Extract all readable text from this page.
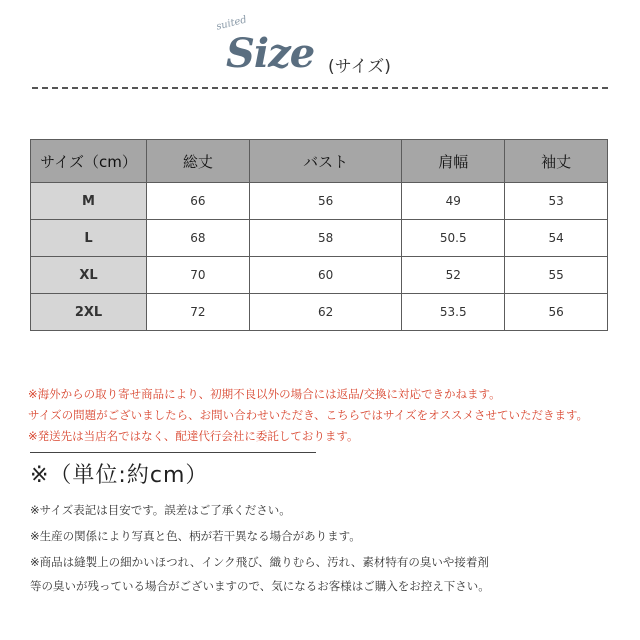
suited
Size (サイズ)
サイズ（cm）	総丈	バスト	肩幅	袖丈
M	66	56	49	53
L	68	58	50.5	54
XL	70	60	52	55
2XL	72	62	53.5	56
※海外からの取り寄せ商品により、初期不良以外の場合には返品/交換に対応できかねます。
サイズの問題がございましたら、お問い合わせいただき、こちらではサイズをオススメさせていただきます。
※発送先は当店名ではなく、配達代行会社に委託しております。
※（単位:約cm）
※サイズ表記は目安です。誤差はご了承ください。
※生産の関係により写真と色、柄が若干異なる場合があります。
※商品は縫製上の細かいほつれ、インク飛び、織りむら、汚れ、素材特有の臭いや接着剤
等の臭いが残っている場合がございますので、気になるお客様はご購入をお控え下さい。
